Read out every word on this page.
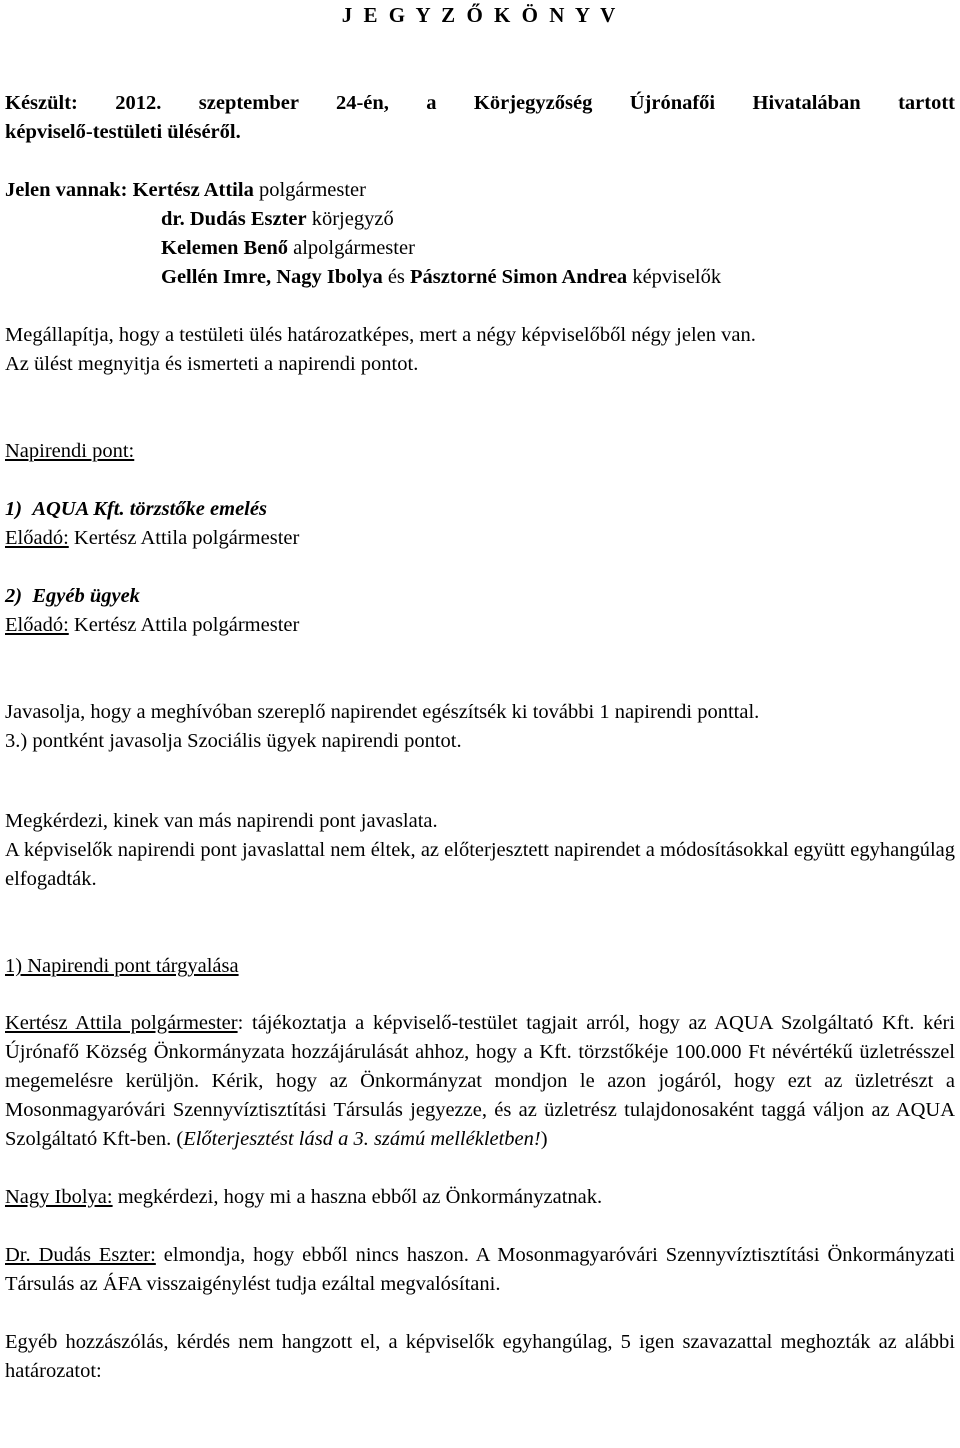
J E G Y Z Ő K Ö N Y V

Készült: 2012. szeptember 24-én, a Körjegyzőség Újrónafői Hivatalában tartott

képviselő-testületi üléséről.

Jelen vannak: Kertész Attila polgármester

dr. Dudás Eszter körjegyző

Kelemen Benő alpolgármester

Gellén Imre, Nagy Ibolya és Pásztorné Simon Andrea képviselők

Megállapítja, hogy a testületi ülés határozatképes, mert a négy képviselőből négy jelen van.

Az ülést megnyitja és ismerteti a napirendi pontot.

Napirendi pont:

1) AQUA Kft. törzstőke emelés

Előadó: Kertész Attila polgármester

2) Egyéb ügyek

Előadó: Kertész Attila polgármester

Javasolja, hogy a meghívóban szereplő napirendet egészítsék ki további 1 napirendi ponttal.

3.) pontként javasolja Szociális ügyek napirendi pontot.

Megkérdezi, kinek van más napirendi pont javaslata.

A képviselők napirendi pont javaslattal nem éltek, az előterjesztett napirendet a módosításokkal együtt egyhangúlag elfogadták.

1) Napirendi pont tárgyalása

Kertész Attila polgármester: tájékoztatja a képviselő-testület tagjait arról, hogy az AQUA Szolgáltató Kft. kéri Újrónafő Község Önkormányzata hozzájárulását ahhoz, hogy a Kft. törzstőkéje 100.000 Ft névértékű üzletrésszel megemelésre kerüljön. Kérik, hogy az Önkormányzat mondjon le azon jogáról, hogy ezt az üzletrészt a Mosonmagyaróvári Szennyvíztisztítási Társulás jegyezze, és az üzletrész tulajdonosaként taggá váljon az AQUA Szolgáltató Kft-ben. (Előterjesztést lásd a 3. számú mellékletben!)

Nagy Ibolya: megkérdezi, hogy mi a haszna ebből az Önkormányzatnak.

Dr. Dudás Eszter: elmondja, hogy ebből nincs haszon. A Mosonmagyaróvári Szennyvíztisztítási Önkormányzati Társulás az ÁFA visszaigénylést tudja ezáltal megvalósítani.

Egyéb hozzászólás, kérdés nem hangzott el, a képviselők egyhangúlag, 5 igen szavazattal meghozták az alábbi határozatot:
